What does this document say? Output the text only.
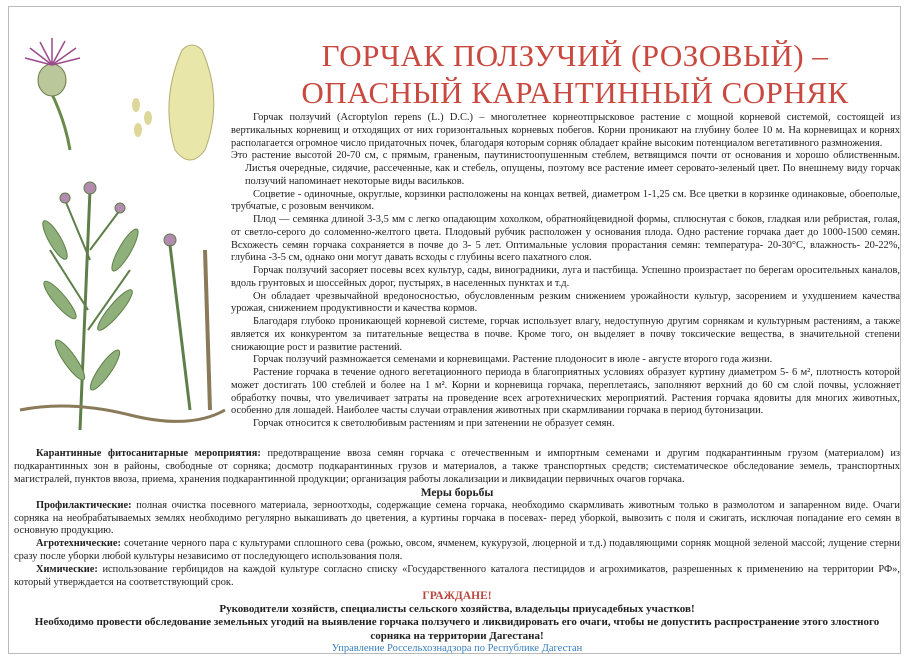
ГОРЧАК ПОЛЗУЧИЙ (РОЗОВЫЙ) –
ОПАСНЫЙ КАРАНТИННЫЙ СОРНЯК

Горчак ползучий (Acroptylon repens (L.) D.C.) – многолетнее корнеотпрысковое растение с мощной корневой системой, состоящей из вертикальных корневищ и отходящих от них горизонтальных корневых побегов. Корни проникают на глубину более 10 м. На корневищах и корнях располагается огромное число придаточных почек, благодаря которым сорняк обладает крайне высоким потенциалом вегетативного размножения.

Это растение высотой 20-70 см, с прямым, граненым, паутинистоопушенным стеблем, ветвящимся почти от основания и хорошо облиственным. Листья очередные, сидячие, рассеченные, как и стебель, опущены, поэтому все растение имеет серовато-зеленый цвет. По внешнему виду горчак ползучий напоминает некоторые виды васильков.

Соцветие - одиночные, округлые, корзинки расположены на концах ветвей, диаметром 1-1,25 см. Все цветки в корзинке одинаковые, обоеполые, трубчатые, с розовым венчиком.

Плод — семянка длиной 3-3,5 мм с легко опадающим хохолком, обратнояйцевидной формы, сплюснутая с боков, гладкая или ребристая, голая, от светло-серого до соломенно-желтого цвета. Плодовый рубчик расположен у основания плода. Одно растение горчака дает до 1000-1500 семян. Всхожесть семян горчака сохраняется в почве до 3- 5 лет. Оптимальные условия прорастания семян: температура- 20-30°С, влажность- 20-22%, глубина -3-5 см, однако они могут давать всходы с глубины всего пахатного слоя.

Горчак ползучий засоряет посевы всех культур, сады, виноградники, луга и пастбища. Успешно произрастает по берегам оросительных каналов, вдоль грунтовых и шоссейных дорог, пустырях, в населенных пунктах и т.д.

Он обладает чрезвычайной вредоносностью, обусловленным резким снижением урожайности культур, засорением и ухудшением качества урожая, снижением продуктивности и качества кормов.

Благодаря глубоко проникающей корневой системе, горчак использует влагу, недоступную другим сорнякам и культурным растениям, а также является их конкурентом за питательные вещества в почве. Кроме того, он выделяет в почву токсические вещества, в значительной степени снижающие рост и развитие растений.

Горчак ползучий размножается семенами и корневищами. Растение плодоносит в июле - августе второго года жизни.

Растение горчака в течение одного вегетационного периода в благоприятных условиях образует куртину диаметром 5- 6 м², плотность которой может достигать 100 стеблей и более на 1 м². Корни и корневища горчака, переплетаясь, заполняют верхний до 60 см слой почвы, усложняет обработку почвы, что увеличивает затраты на проведение всех агротехнических мероприятий. Растения горчака ядовиты для многих животных, особенно для лошадей. Наиболее часты случаи отравления животных при скармливании горчака в период бутонизации.

Горчак относится к светолюбивым растениям и при затенении не образует семян.

Карантинные фитосанитарные мероприятия: предотвращение ввоза семян горчака с отечественным и импортным семенами и другим подкарантинным грузом (материалом) из подкарантинных зон в районы, свободные от сорняка; досмотр подкарантинных грузов и материалов, а также транспортных средств; систематическое обследование земель, транспортных магистралей, пунктов ввоза, приема, хранения подкарантинной продукции; организация работы локализации и ликвидации первичных очагов горчака.

Меры борьбы

Профилактические: полная очистка посевного материала, зерноотходы, содержащие семена горчака, необходимо скармливать животным только в размолотом и запаренном виде. Очаги сорняка на необрабатываемых землях необходимо регулярно выкашивать до цветения, а куртины горчака в посевах- перед уборкой, вывозить с поля и сжигать, исключая попадание его семян в основную продукцию.

Агротехнические: сочетание черного пара с культурами сплошного сева (рожью, овсом, ячменем, кукурузой, люцерной и т.д.) подавляющими сорняк мощной зеленой массой; лущение стерни сразу после уборки любой культуры независимо от последующего использования поля.

Химические: использование гербицидов на каждой культуре согласно списку «Государственного каталога пестицидов и агрохимикатов, разрешенных к применению на территории РФ», который утверждается на соответствующий срок.

ГРАЖДАНЕ!

Руководители хозяйств, специалисты сельского хозяйства, владельцы приусадебных участков!

Необходимо провести обследование земельных угодий на выявление горчака ползучего и ликвидировать его очаги, чтобы не допустить распространение этого злостного сорняка на территории Дагестана!

Управление Россельхознадзора по Республике Дагестан
